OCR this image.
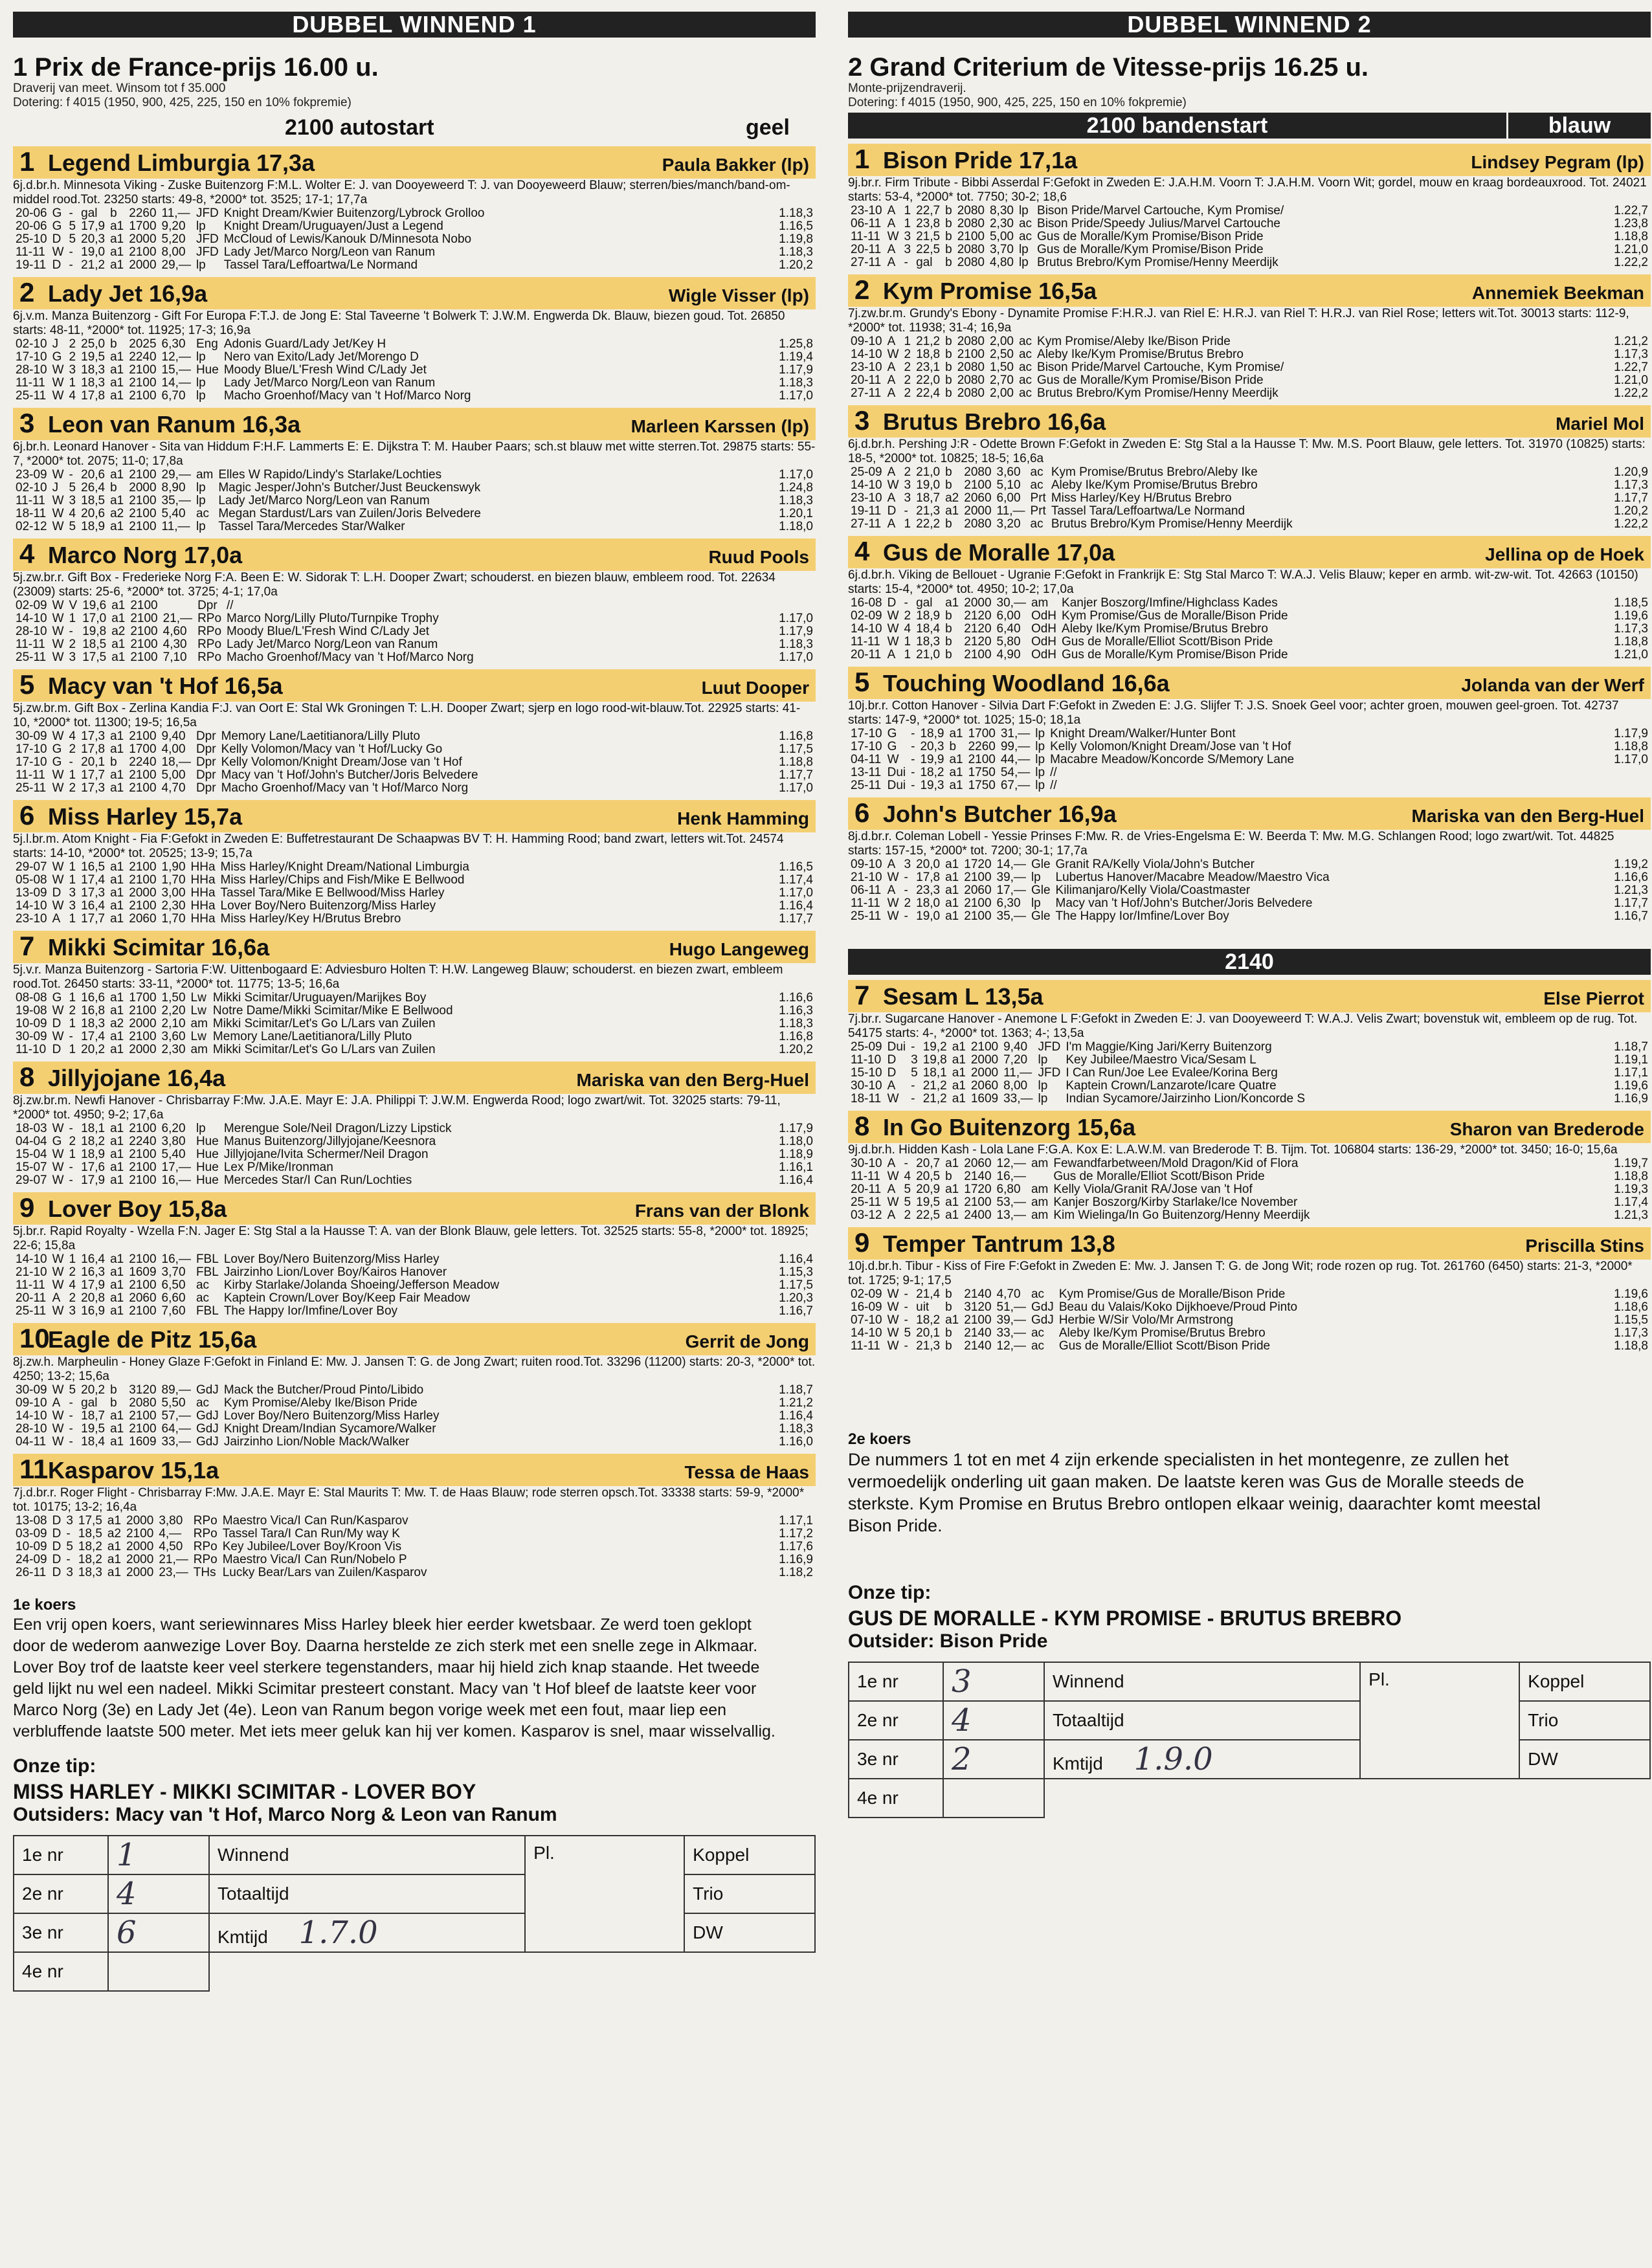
DUBBEL WINNEND 1
1 Prix de France-prijs 16.00 u.
Draverij van meet. Winsom tot f 35.000
Dotering: f 4015 (1950, 900, 425, 225, 150 en 10% fokpremie)
2100 autostart	geel
1 Legend Limburgia 17,3a	Paula Bakker (lp)
6j.d.br.h. Minnesota Viking - Zuske Buitenzorg F:M.L. Wolter E: J. van Dooyeweerd T: J. van Dooyeweerd Blauw; sterren/bies/manch/band-om-middel rood.Tot. 23250 starts: 49-8, *2000* tot. 3525; 17-1; 17,7a
20-06	G	-	gal	b	2260	11,—	JFD	Knight Dream/Kwier Buitenzorg/Lybrock Grolloo	1.18,3
20-06	G	5	17,9	a1	1700	9,20	lp	Knight Dream/Uruguayen/Just a Legend	1.16,5
25-10	D	5	20,3	a1	2000	5,20	JFD	McCloud of Lewis/Kanouk D/Minnesota Nobo	1.19,8
11-11	W	-	19,0	a1	2100	8,00	JFD	Lady Jet/Marco Norg/Leon van Ranum	1.18,3
19-11	D	-	21,2	a1	2000	29,—	lp	Tassel Tara/Leffoartwa/Le Normand	1.20,2
2 Lady Jet 16,9a	Wigle Visser (lp)
6j.v.m. Manza Buitenzorg - Gift For Europa F:T.J. de Jong E: Stal Taveerne 't Bolwerk T: J.W.M. Engwerda Dk. Blauw, biezen goud. Tot. 26850 starts: 48-11, *2000* tot. 11925; 17-3; 16,9a
02-10	J	2	25,0	b	2025	6,30	Eng	Adonis Guard/Lady Jet/Key H	1.25,8
17-10	G	2	19,5	a1	2240	12,—	lp	Nero van Exito/Lady Jet/Morengo D	1.19,4
28-10	W	3	18,3	a1	2100	15,—	Hue	Moody Blue/L'Fresh Wind C/Lady Jet	1.17,9
11-11	W	1	18,3	a1	2100	14,—	lp	Lady Jet/Marco Norg/Leon van Ranum	1.18,3
25-11	W	4	17,8	a1	2100	6,70	lp	Macho Groenhof/Macy van 't Hof/Marco Norg	1.17,0
3 Leon van Ranum 16,3a	Marleen Karssen (lp)
6j.br.h. Leonard Hanover - Sita van Hiddum F:H.F. Lammerts E: E. Dijkstra T: M. Hauber Paars; sch.st blauw met witte sterren.Tot. 29875 starts: 55-7, *2000* tot. 2075; 11-0; 17,8a
23-09	W	-	20,6	a1	2100	29,—	am	Elles W Rapido/Lindy's Starlake/Lochties	1.17,0
02-10	J	5	26,4	b	2000	8,90	lp	Magic Jesper/John's Butcher/Just Beuckenswyk	1.24,8
11-11	W	3	18,5	a1	2100	35,—	lp	Lady Jet/Marco Norg/Leon van Ranum	1.18,3
18-11	W	4	20,6	a2	2100	5,40	ac	Megan Stardust/Lars van Zuilen/Joris Belvedere	1.20,1
02-12	W	5	18,9	a1	2100	11,—	lp	Tassel Tara/Mercedes Star/Walker	1.18,0
4 Marco Norg 17,0a	Ruud Pools
5j.zw.br.r. Gift Box - Frederieke Norg F:A. Been E: W. Sidorak T: L.H. Dooper Zwart; schouderst. en biezen blauw, embleem rood. Tot. 22634 (23009) starts: 25-6, *2000* tot. 3725; 4-1; 17,0a
02-09	W	V	19,6	a1	2100		Dpr	//	
14-10	W	1	17,0	a1	2100	21,—	RPo	Marco Norg/Lilly Pluto/Turnpike Trophy	1.17,0
28-10	W	-	19,8	a2	2100	4,60	RPo	Moody Blue/L'Fresh Wind C/Lady Jet	1.17,9
11-11	W	2	18,5	a1	2100	4,30	RPo	Lady Jet/Marco Norg/Leon van Ranum	1.18,3
25-11	W	3	17,5	a1	2100	7,10	RPo	Macho Groenhof/Macy van 't Hof/Marco Norg	1.17,0
5 Macy van 't Hof 16,5a	Luut Dooper
5j.zw.br.m. Gift Box - Zerlina Kandia F:J. van Oort E: Stal Wk Groningen T: L.H. Dooper Zwart; sjerp en logo rood-wit-blauw.Tot. 22925 starts: 41-10, *2000* tot. 11300; 19-5; 16,5a
30-09	W	4	17,3	a1	2100	9,40	Dpr	Memory Lane/Laetitianora/Lilly Pluto	1.16,8
17-10	G	2	17,8	a1	1700	4,00	Dpr	Kelly Volomon/Macy van 't Hof/Lucky Go	1.17,5
17-10	G	-	20,1	b	2240	18,—	Dpr	Kelly Volomon/Knight Dream/Jose van 't Hof	1.18,8
11-11	W	1	17,7	a1	2100	5,00	Dpr	Macy van 't Hof/John's Butcher/Joris Belvedere	1.17,7
25-11	W	2	17,3	a1	2100	4,70	Dpr	Macho Groenhof/Macy van 't Hof/Marco Norg	1.17,0
6 Miss Harley 15,7a	Henk Hamming
5j.l.br.m. Atom Knight - Fia F:Gefokt in Zweden E: Buffetrestaurant De Schaapwas BV T: H. Hamming Rood; band zwart, letters wit.Tot. 24574 starts: 14-10, *2000* tot. 20525; 13-9; 15,7a
29-07	W	1	16,5	a1	2100	1,90	HHa	Miss Harley/Knight Dream/National Limburgia	1.16,5
05-08	W	1	17,4	a1	2100	1,70	HHa	Miss Harley/Chips and Fish/Mike E Bellwood	1.17,4
13-09	D	3	17,3	a1	2000	3,00	HHa	Tassel Tara/Mike E Bellwood/Miss Harley	1.17,0
14-10	W	3	16,4	a1	2100	2,30	HHa	Lover Boy/Nero Buitenzorg/Miss Harley	1.16,4
23-10	A	1	17,7	a1	2060	1,70	HHa	Miss Harley/Key H/Brutus Brebro	1.17,7
7 Mikki Scimitar 16,6a	Hugo Langeweg
5j.v.r. Manza Buitenzorg - Sartoria F:W. Uittenbogaard E: Adviesburo Holten T: H.W. Langeweg Blauw; schouderst. en biezen zwart, embleem rood.Tot. 26450 starts: 33-11, *2000* tot. 11775; 13-5; 16,6a
08-08	G	1	16,6	a1	1700	1,50	Lw	Mikki Scimitar/Uruguayen/Marijkes Boy	1.16,6
19-08	W	2	16,8	a1	2100	2,20	Lw	Notre Dame/Mikki Scimitar/Mike E Bellwood	1.16,3
10-09	D	1	18,3	a2	2000	2,10	am	Mikki Scimitar/Let's Go L/Lars van Zuilen	1.18,3
30-09	W	-	17,4	a1	2100	3,60	Lw	Memory Lane/Laetitianora/Lilly Pluto	1.16,8
11-10	D	1	20,2	a1	2000	2,30	am	Mikki Scimitar/Let's Go L/Lars van Zuilen	1.20,2
8 Jillyjojane 16,4a	Mariska van den Berg-Huel
8j.zw.br.m. Newfi Hanover - Chrisbarray F:Mw. J.A.E. Mayr E: J.A. Philippi T: J.W.M. Engwerda Rood; logo zwart/wit. Tot. 32025 starts: 79-11, *2000* tot. 4950; 9-2; 17,6a
18-03	W	-	18,1	a1	2100	6,20	lp	Merengue Sole/Neil Dragon/Lizzy Lipstick	1.17,9
04-04	G	2	18,2	a1	2240	3,80	Hue	Manus Buitenzorg/Jillyjojane/Keesnora	1.18,0
15-04	W	1	18,9	a1	2100	5,40	Hue	Jillyjojane/Ivita Schermer/Neil Dragon	1.18,9
15-07	W	-	17,6	a1	2100	17,—	Hue	Lex P/Mike/Ironman	1.16,1
29-07	W	-	17,9	a1	2100	16,—	Hue	Mercedes Star/I Can Run/Lochties	1.16,4
9 Lover Boy 15,8a	Frans van der Blonk
5j.br.r. Rapid Royalty - Wzella F:N. Jager E: Stg Stal a la Hausse T: A. van der Blonk Blauw, gele letters. Tot. 32525 starts: 55-8, *2000* tot. 18925; 22-6; 15,8a
14-10	W	1	16,4	a1	2100	16,—	FBL	Lover Boy/Nero Buitenzorg/Miss Harley	1.16,4
21-10	W	2	16,3	a1	1609	3,70	FBL	Jairzinho Lion/Lover Boy/Kairos Hanover	1.15,3
11-11	W	4	17,9	a1	2100	6,50	ac	Kirby Starlake/Jolanda Shoeing/Jefferson Meadow	1.17,5
20-11	A	2	20,8	a1	2060	6,60	ac	Kaptein Crown/Lover Boy/Keep Fair Meadow	1.20,3
25-11	W	3	16,9	a1	2100	7,60	FBL	The Happy Ior/Imfine/Lover Boy	1.16,7
10
Eagle de Pitz 15,6a	Gerrit de Jong
8j.zw.h. Marpheulin - Honey Glaze F:Gefokt in Finland E: Mw. J. Jansen T: G. de Jong Zwart; ruiten rood.Tot. 33296 (11200) starts: 20-3, *2000* tot. 4250; 13-2; 15,6a
30-09	W	5	20,2	b	3120	89,—	GdJ	Mack the Butcher/Proud Pinto/Libido	1.18,7
09-10	A	-	gal	b	2080	5,50	ac	Kym Promise/Aleby Ike/Bison Pride	1.21,2
14-10	W	-	18,7	a1	2100	57,—	GdJ	Lover Boy/Nero Buitenzorg/Miss Harley	1.16,4
28-10	W	-	19,5	a1	2100	64,—	GdJ	Knight Dream/Indian Sycamore/Walker	1.18,3
04-11	W	-	18,4	a1	1609	33,—	GdJ	Jairzinho Lion/Noble Mack/Walker	1.16,0
11 Kasparov 15,1a	Tessa de Haas
7j.d.br.r. Roger Flight - Chrisbarray F:Mw. J.A.E. Mayr E: Stal Maurits T: Mw. T. de Haas Blauw; rode sterren opsch.Tot. 33338 starts: 59-9, *2000* tot. 10175; 13-2; 16,4a
13-08	D	3	17,5	a1	2000	3,80	RPo	Maestro Vica/I Can Run/Kasparov	1.17,1
03-09	D	-	18,5	a2	2100	4,—	RPo	Tassel Tara/I Can Run/My way K	1.17,2
10-09	D	5	18,2	a1	2000	4,50	RPo	Key Jubilee/Lover Boy/Kroon Vis	1.17,6
24-09	D	-	18,2	a1	2000	21,—	RPo	Maestro Vica/I Can Run/Nobelo P	1.16,9
26-11	D	3	18,3	a1	2000	23,—	THs	Lucky Bear/Lars van Zuilen/Kasparov	1.18,2
1e koers
Een vrij open koers, want seriewinnares Miss Harley bleek hier eerder kwetsbaar. Ze werd toen geklopt
door de wederom aanwezige Lover Boy. Daarna herstelde ze zich sterk met een snelle zege in Alkmaar.
Lover Boy trof de laatste keer veel sterkere tegenstanders, maar hij hield zich knap staande. Het tweede
geld lijkt nu wel een nadeel. Mikki Scimitar presteert constant. Macy van 't Hof bleef de laatste keer voor
Marco Norg (3e) en Lady Jet (4e). Leon van Ranum begon vorige week met een fout, maar liep een
verbluffende laatste 500 meter. Met iets meer geluk kan hij ver komen. Kasparov is snel, maar wisselvallig.
Onze tip:
MISS HARLEY - MIKKI SCIMITAR - LOVER BOY
Outsiders: Macy van 't Hof, Marco Norg & Leon van Ranum
1e nr	1	Winnend	Pl.	Koppel
2e nr	4	Totaaltijd		Trio
3e nr	6	Kmtijd 1.7.0		DW
4e nr				
DUBBEL WINNEND 2
2 Grand Criterium de Vitesse-prijs 16.25 u.
Monte-prijzendraverij.
Dotering: f 4015 (1950, 900, 425, 225, 150 en 10% fokpremie)
2100 bandenstart	blauw
1 Bison Pride 17,1a	Lindsey Pegram (lp)
9j.br.r. Firm Tribute - Bibbi Asserdal F:Gefokt in Zweden E: J.A.H.M. Voorn T: J.A.H.M. Voorn Wit; gordel, mouw en kraag bordeauxrood. Tot. 24021 starts: 53-4, *2000* tot. 7750; 30-2; 18,6
23-10	A	1	22,7	b	2080	8,30	lp	Bison Pride/Marvel Cartouche, Kym Promise/	1.22,7
06-11	A	1	23,8	b	2080	2,30	ac	Bison Pride/Speedy Julius/Marvel Cartouche	1.23,8
11-11	W	3	21,5	b	2100	5,00	ac	Gus de Moralle/Kym Promise/Bison Pride	1.18,8
20-11	A	3	22,5	b	2080	3,70	lp	Gus de Moralle/Kym Promise/Bison Pride	1.21,0
27-11	A	-	gal	b	2080	4,80	lp	Brutus Brebro/Kym Promise/Henny Meerdijk	1.22,2
2 Kym Promise 16,5a	Annemiek Beekman
7j.zw.br.m. Grundy's Ebony - Dynamite Promise F:H.R.J. van Riel E: H.R.J. van Riel T: H.R.J. van Riel Rose; letters wit.Tot. 30013 starts: 112-9, *2000* tot. 11938; 31-4; 16,9a
09-10	A	1	21,2	b	2080	2,00	ac	Kym Promise/Aleby Ike/Bison Pride	1.21,2
14-10	W	2	18,8	b	2100	2,50	ac	Aleby Ike/Kym Promise/Brutus Brebro	1.17,3
23-10	A	2	23,1	b	2080	1,50	ac	Bison Pride/Marvel Cartouche, Kym Promise/	1.22,7
20-11	A	2	22,0	b	2080	2,70	ac	Gus de Moralle/Kym Promise/Bison Pride	1.21,0
27-11	A	2	22,4	b	2080	2,00	ac	Brutus Brebro/Kym Promise/Henny Meerdijk	1.22,2
3 Brutus Brebro 16,6a	Mariel Mol
6j.d.br.h. Pershing J:R - Odette Brown F:Gefokt in Zweden E: Stg Stal a la Hausse T: Mw. M.S. Poort Blauw, gele letters. Tot. 31970 (10825) starts: 18-5, *2000* tot. 10825; 18-5; 16,6a
25-09	A	2	21,0	b	2080	3,60	ac	Kym Promise/Brutus Brebro/Aleby Ike	1.20,9
14-10	W	3	19,0	b	2100	5,10	ac	Aleby Ike/Kym Promise/Brutus Brebro	1.17,3
23-10	A	3	18,7	a2	2060	6,00	Prt	Miss Harley/Key H/Brutus Brebro	1.17,7
19-11	D	-	21,3	a1	2000	11,—	Prt	Tassel Tara/Leffoartwa/Le Normand	1.20,2
27-11	A	1	22,2	b	2080	3,20	ac	Brutus Brebro/Kym Promise/Henny Meerdijk	1.22,2
4 Gus de Moralle 17,0a	Jellina op de Hoek
6j.d.br.h. Viking de Bellouet - Ugranie F:Gefokt in Frankrijk E: Stg Stal Marco T: W.A.J. Velis Blauw; keper en armb. wit-zw-wit. Tot. 42663 (10150) starts: 15-4, *2000* tot. 4950; 10-2; 17,0a
16-08	D	-	gal	a1	2000	30,—	am	Kanjer Boszorg/Imfine/Highclass Kades	1.18,5
02-09	W	2	18,9	b	2120	6,00	OdH	Kym Promise/Gus de Moralle/Bison Pride	1.19,6
14-10	W	4	18,4	b	2120	6,40	OdH	Aleby Ike/Kym Promise/Brutus Brebro	1.17,3
11-11	W	1	18,3	b	2120	5,80	OdH	Gus de Moralle/Elliot Scott/Bison Pride	1.18,8
20-11	A	1	21,0	b	2100	4,90	OdH	Gus de Moralle/Kym Promise/Bison Pride	1.21,0
5 Touching Woodland 16,6a	Jolanda van der Werf
10j.br.r. Cotton Hanover - Silvia Dart F:Gefokt in Zweden E: J.G. Slijfer T: J.S. Snoek Geel voor; achter groen, mouwen geel-groen. Tot. 42737 starts: 147-9, *2000* tot. 1025; 15-0; 18,1a
17-10	G	-	18,9	a1	1700	31,—	lp	Knight Dream/Walker/Hunter Bont	1.17,9
17-10	G	-	20,3	b	2260	99,—	lp	Kelly Volomon/Knight Dream/Jose van 't Hof	1.18,8
04-11	W	-	19,9	a1	2100	44,—	lp	Macabre Meadow/Koncorde S/Memory Lane	1.17,0
13-11	Dui	-	18,2	a1	1750	54,—	lp	//	
25-11	Dui	-	19,3	a1	1750	67,—	lp	//	
6 John's Butcher 16,9a	Mariska van den Berg-Huel
8j.d.br.r. Coleman Lobell - Yessie Prinses F:Mw. R. de Vries-Engelsma E: W. Beerda T: Mw. M.G. Schlangen Rood; logo zwart/wit. Tot. 44825 starts: 157-15, *2000* tot. 7200; 30-1; 17,7a
09-10	A	3	20,0	a1	1720	14,—	Gle	Granit RA/Kelly Viola/John's Butcher	1.19,2
21-10	W	-	17,8	a1	2100	39,—	lp	Lubertus Hanover/Macabre Meadow/Maestro Vica	1.16,6
06-11	A	-	23,3	a1	2060	17,—	Gle	Kilimanjaro/Kelly Viola/Coastmaster	1.21,3
11-11	W	2	18,0	a1	2100	6,30	lp	Macy van 't Hof/John's Butcher/Joris Belvedere	1.17,7
25-11	W	-	19,0	a1	2100	35,—	Gle	The Happy Ior/Imfine/Lover Boy	1.16,7
2140
7 Sesam L 13,5a	Else Pierrot
7j.br.r. Sugarcane Hanover - Anemone L F:Gefokt in Zweden E: J. van Dooyeweerd T: W.A.J. Velis Zwart; bovenstuk wit, embleem op de rug. Tot. 54175 starts: 4-, *2000* tot. 1363; 4-; 13,5a
25-09	Dui	-	19,2	a1	2100	9,40	JFD	I'm Maggie/King Jari/Kerry Buitenzorg	1.18,7
11-10	D	3	19,8	a1	2000	7,20	lp	Key Jubilee/Maestro Vica/Sesam L	1.19,1
15-10	D	5	18,1	a1	2000	11,—	JFD	I Can Run/Joe Lee Evalee/Korina Berg	1.17,1
30-10	A	-	21,2	a1	2060	8,00	lp	Kaptein Crown/Lanzarote/Icare Quatre	1.19,6
18-11	W	-	21,2	a1	1609	33,—	lp	Indian Sycamore/Jairzinho Lion/Koncorde S	1.16,9
8 In Go Buitenzorg 15,6a	Sharon van Brederode
9j.d.br.h. Hidden Kash - Lola Lane F:G.A. Kox E: L.A.W.M. van Brederode T: B. Tijm. Tot. 106804 starts: 136-29, *2000* tot. 3450; 16-0; 15,6a
30-10	A	-	20,7	a1	2060	12,—	am	Fewandfarbetween/Mold Dragon/Kid of Flora	1.19,7
11-11	W	4	20,5	b	2140	16,—		Gus de Moralle/Elliot Scott/Bison Pride	1.18,8
20-11	A	5	20,9	a1	1720	6,80	am	Kelly Viola/Granit RA/Jose van 't Hof	1.19,3
25-11	W	5	19,5	a1	2100	53,—	am	Kanjer Boszorg/Kirby Starlake/Ice November	1.17,4
03-12	A	2	22,5	a1	2400	13,—	am	Kim Wielinga/In Go Buitenzorg/Henny Meerdijk	1.21,3
9 Temper Tantrum 13,8	Priscilla Stins
10j.d.br.h. Tibur - Kiss of Fire F:Gefokt in Zweden E: Mw. J. Jansen T: G. de Jong Wit; rode rozen op rug. Tot. 261760 (6450) starts: 21-3, *2000* tot. 1725; 9-1; 17,5
02-09	W	-	21,4	b	2140	4,70	ac	Kym Promise/Gus de Moralle/Bison Pride	1.19,6
16-09	W	-	uit	b	3120	51,—	GdJ	Beau du Valais/Koko Dijkhoeve/Proud Pinto	1.18,6
07-10	W	-	18,2	a1	2100	39,—	GdJ	Herbie W/Sir Volo/Mr Armstrong	1.15,5
14-10	W	5	20,1	b	2140	33,—	ac	Aleby Ike/Kym Promise/Brutus Brebro	1.17,3
11-11	W	-	21,3	b	2140	12,—	ac	Gus de Moralle/Elliot Scott/Bison Pride	1.18,8
2e koers
De nummers 1 tot en met 4 zijn erkende specialisten in het montegenre, ze zullen het
vermoedelijk onderling uit gaan maken. De laatste keren was Gus de Moralle steeds de
sterkste. Kym Promise en Brutus Brebro ontlopen elkaar weinig, daarachter komt meestal
Bison Pride.
Onze tip:
GUS DE MORALLE - KYM PROMISE - BRUTUS BREBRO
Outsider: Bison Pride
1e nr	3	Winnend	Pl.	Koppel
2e nr	4	Totaaltijd		Trio
3e nr	2	Kmtijd 1.9.0		DW
4e nr				
